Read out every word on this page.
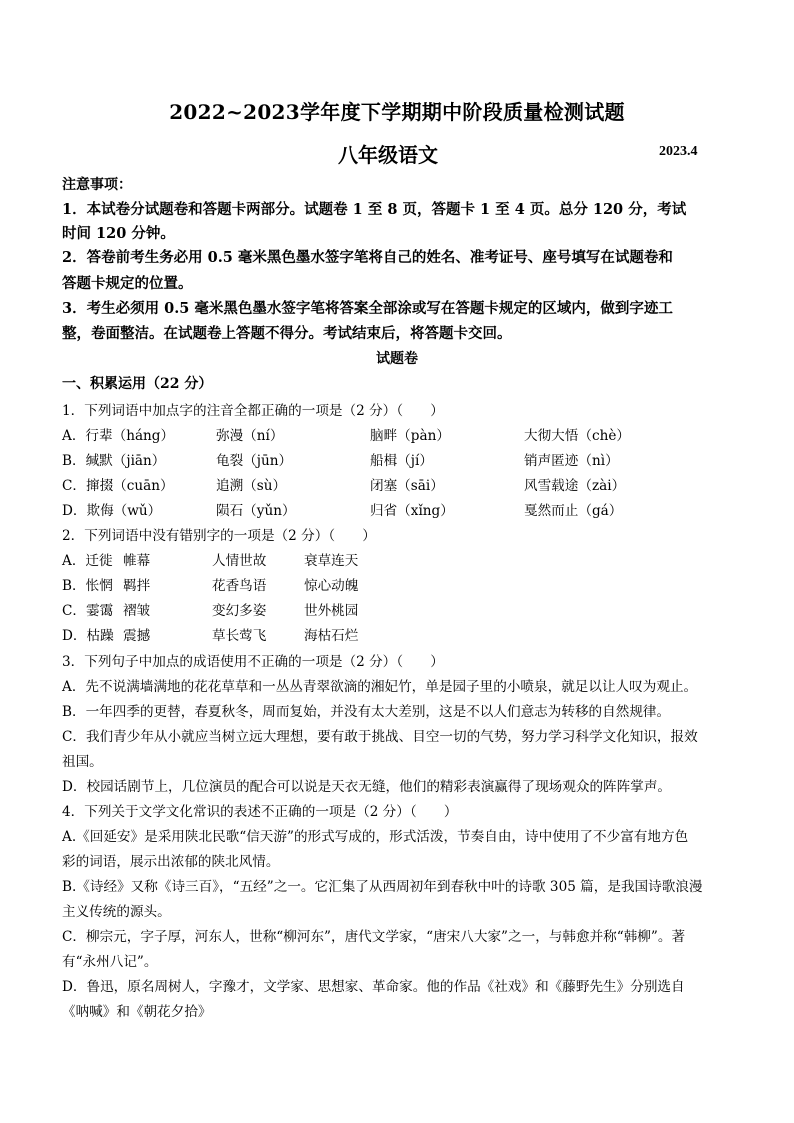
2022~2023学年度下学期期中阶段质量检测试题
八年级语文	2023.4
注意事项：
1．本试卷分试题卷和答题卡两部分。试题卷 1 至 8 页，答题卡 1 至 4 页。总分 120 分，考试
时间 120 分钟。
2．答卷前考生务必用 0.5 毫米黑色墨水签字笔将自己的姓名、准考证号、座号填写在试题卷和
答题卡规定的位置。
3．考生必须用 0.5 毫米黑色墨水签字笔将答案全部涂或写在答题卡规定的区域内，做到字迹工
整，卷面整洁。在试题卷上答题不得分。考试结束后，将答题卡交回。
试题卷
一、积累运用（22 分）
1．下列词语中加点字的注音全都正确的一项是（2 分）（　　）
A．行辈（háng）	弥漫（ní）	脑畔（pàn）	大彻大悟（chè）
B．缄默（jiān）	龟裂（jūn）	船楫（jí）	销声匿迹（nì）
C．撺掇（cuān）	追溯（sù）	闭塞（sāi）	风雪载途（zài）
D．欺侮（wǔ）	陨石（yǔn）	归省（xǐng）	戛然而止（gá）
2．下列词语中没有错别字的一项是（2 分）（　　）
A．迁徙 帷幕	人情世故	衰草连天
B．怅惘 羁拌	花香鸟语	惊心动魄
C．霎霭 褶皱	变幻多姿	世外桃园
D．枯躁 震撼	草长莺飞	海枯石烂
3．下列句子中加点的成语使用不正确的一项是（2 分）（　　）
A．先不说满墙满地的花花草草和一丛丛青翠欲滴的湘妃竹，单是园子里的小喷泉，就足以让人叹为观止。
B．一年四季的更替，春夏秋冬，周而复始，并没有太大差别，这是不以人们意志为转移的自然规律。
C．我们青少年从小就应当树立远大理想，要有敢于挑战、目空一切的气势，努力学习科学文化知识，报效
祖国。
D．校园话剧节上，几位演员的配合可以说是天衣无缝，他们的精彩表演赢得了现场观众的阵阵掌声。
4．下列关于文学文化常识的表述不正确的一项是（2 分）（　　）
A.《回延安》是采用陕北民歌“信天游”的形式写成的，形式活泼，节奏自由，诗中使用了不少富有地方色
彩的词语，展示出浓郁的陕北风情。
B.《诗经》又称《诗三百》，“五经”之一。它汇集了从西周初年到春秋中叶的诗歌 305 篇，是我国诗歌浪漫
主义传统的源头。
C．柳宗元，字子厚，河东人，世称“柳河东”，唐代文学家，“唐宋八大家”之一，与韩愈并称“韩柳”。著
有“永州八记”。
D．鲁迅，原名周树人，字豫才，文学家、思想家、革命家。他的作品《社戏》和《藤野先生》分别选自
《呐喊》和《朝花夕拾》
